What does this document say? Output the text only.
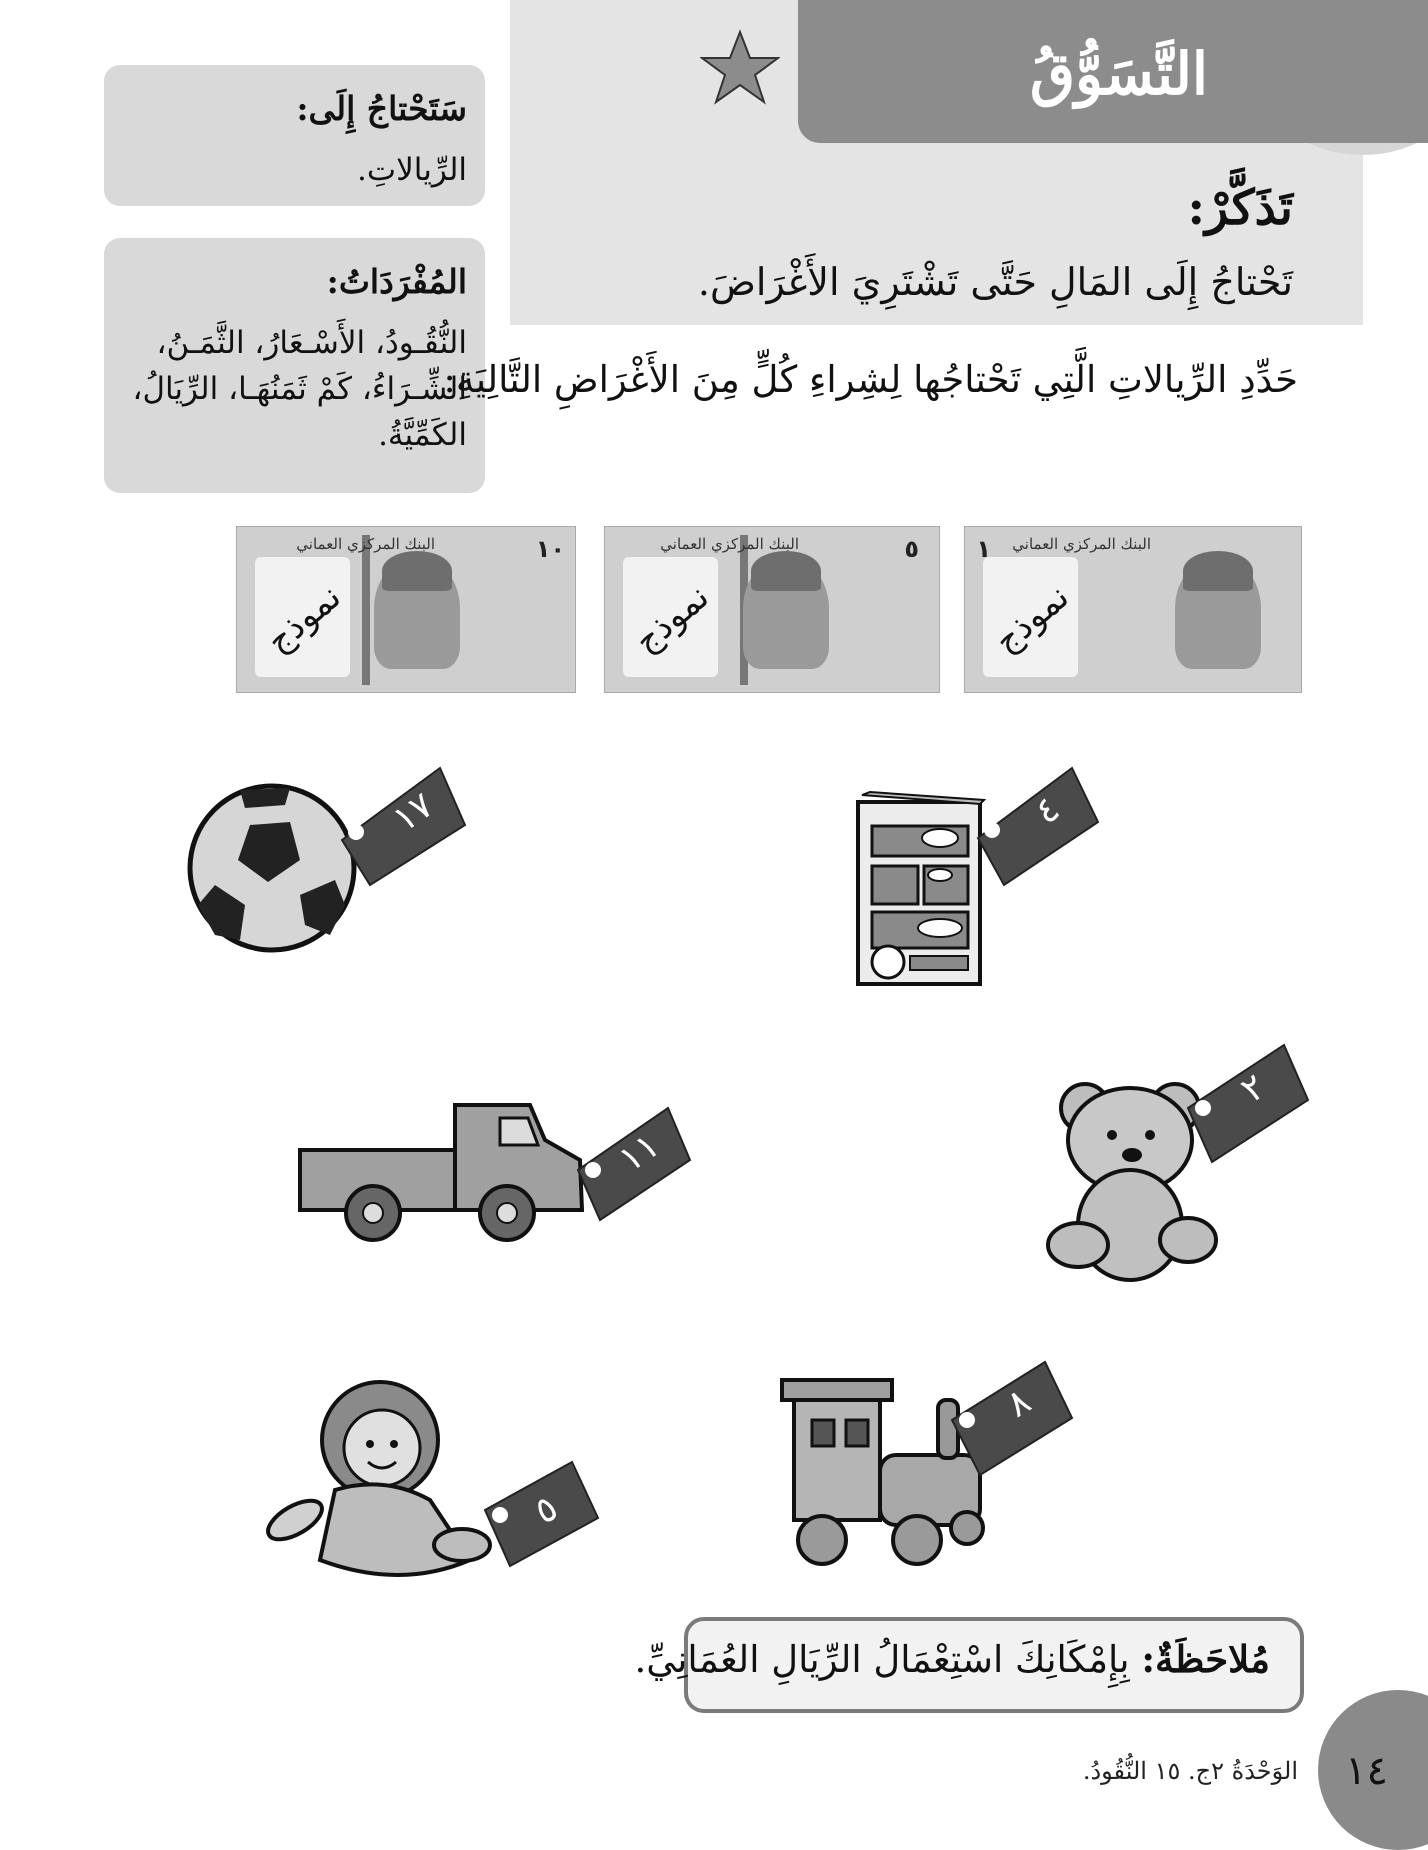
التَّسَوُّقُ
تَذَكَّرْ:
تَحْتاجُ إِلَى المَالِ حَتَّى تَشْتَرِيَ الأَغْرَاضَ.
سَتَحْتاجُ إِلَى:
الرِّيالاتِ.
المُفْرَدَاتُ:
النُّقُـودُ، الأَسْـعَارُ، الثَّمَـنُ، الشِّـرَاءُ، كَمْ ثَمَنُهَـا، الرِّيَالُ، الكَمِّيَّةُ.
حَدِّدِ الرِّيالاتِ الَّتِي تَحْتاجُها لِشِراءِ كُلٍّ مِنَ الأَغْرَاضِ التَّالِيَةِ:
البنك المركزي العماني
١
نموذج
البنك المركزي العماني	٥
نموذج
البنك المركزي العماني	١٠
نموذج
١٧	٤
١١
٢
٥
٨
مُلاحَظَةٌ: بِإِمْكَانِكَ اسْتِعْمَالُ الرِّيَالِ العُمَانِيِّ.
١٤
الوَحْدَةُ ٢ج. ١٥ النُّقُودُ.
